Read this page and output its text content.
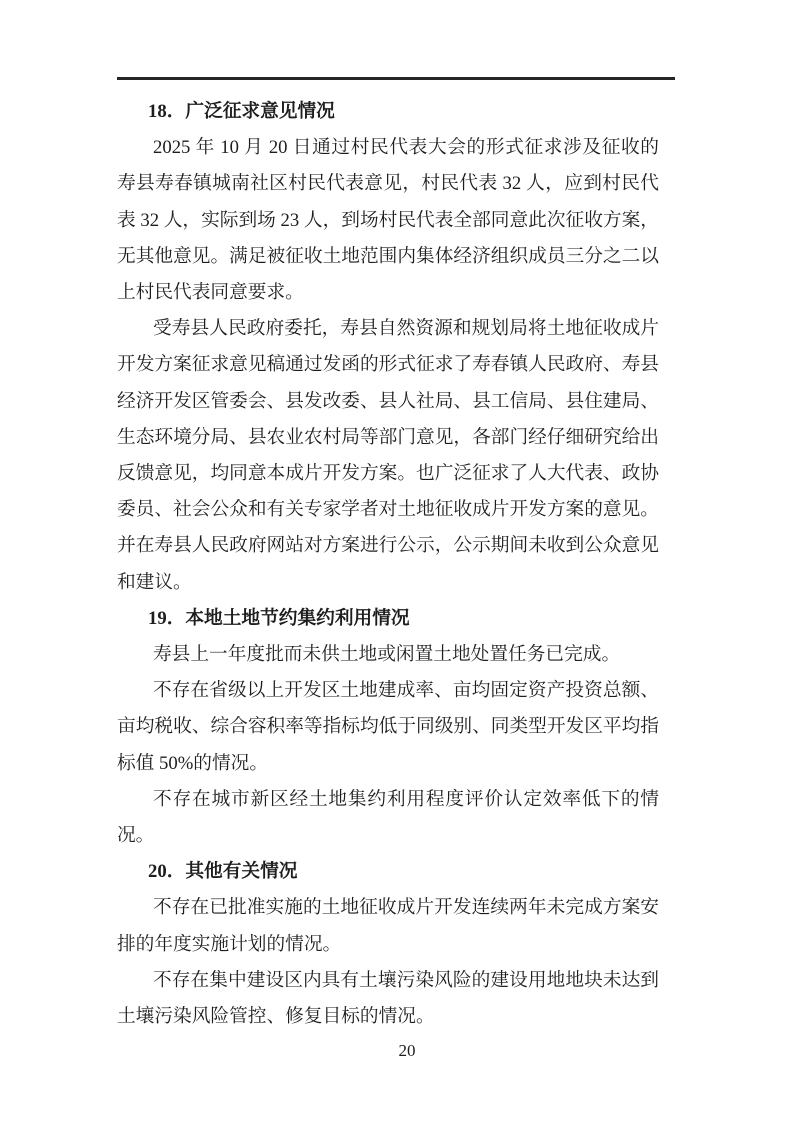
18．广泛征求意见情况

2025 年 10 月 20 日通过村民代表大会的形式征求涉及征收的寿县寿春镇城南社区村民代表意见，村民代表 32 人，应到村民代表 32 人，实际到场 23 人，到场村民代表全部同意此次征收方案，无其他意见。满足被征收土地范围内集体经济组织成员三分之二以上村民代表同意要求。

受寿县人民政府委托，寿县自然资源和规划局将土地征收成片开发方案征求意见稿通过发函的形式征求了寿春镇人民政府、寿县经济开发区管委会、县发改委、县人社局、县工信局、县住建局、生态环境分局、县农业农村局等部门意见，各部门经仔细研究给出反馈意见，均同意本成片开发方案。也广泛征求了人大代表、政协委员、社会公众和有关专家学者对土地征收成片开发方案的意见。并在寿县人民政府网站对方案进行公示，公示期间未收到公众意见和建议。

19．本地土地节约集约利用情况

寿县上一年度批而未供土地或闲置土地处置任务已完成。

不存在省级以上开发区土地建成率、亩均固定资产投资总额、亩均税收、综合容积率等指标均低于同级别、同类型开发区平均指标值 50%的情况。

不存在城市新区经土地集约利用程度评价认定效率低下的情况。

20．其他有关情况

不存在已批准实施的土地征收成片开发连续两年未完成方案安排的年度实施计划的情况。

不存在集中建设区内具有土壤污染风险的建设用地地块未达到土壤污染风险管控、修复目标的情况。

20
